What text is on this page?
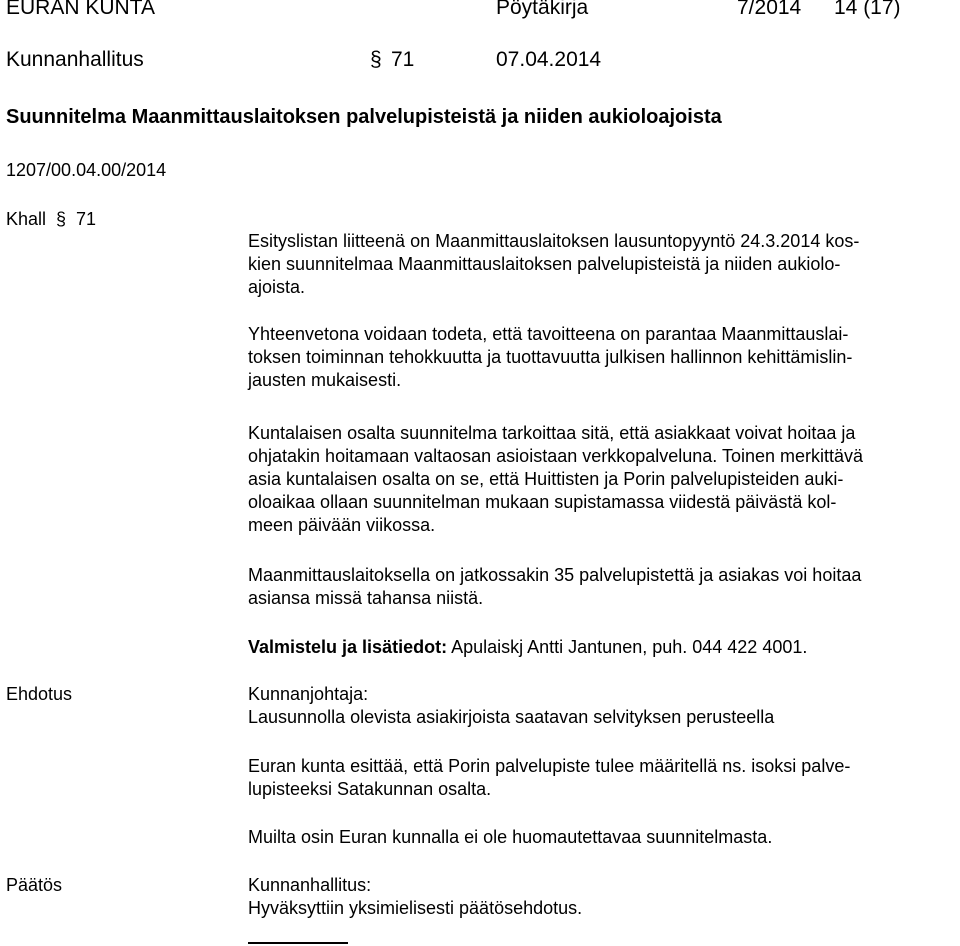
EURAN KUNTA	Pöytäkirja	7/2014 14 (17)
Kunnanhallitus	§ 71	07.04.2014
Suunnitelma Maanmittauslaitoksen palvelupisteistä ja niiden aukioloajoista
1207/00.04.00/2014
Khall § 71
Esityslistan liitteenä on Maanmittauslaitoksen lausuntopyyntö 24.3.2014 kos-
kien suunnitelmaa Maanmittauslaitoksen palvelupisteistä ja niiden aukiolo-
ajoista.
Yhteenvetona voidaan todeta, että tavoitteena on parantaa Maanmittauslai-
toksen toiminnan tehokkuutta ja tuottavuutta julkisen hallinnon kehittämislin-
jausten mukaisesti.
Kuntalaisen osalta suunnitelma tarkoittaa sitä, että asiakkaat voivat hoitaa ja
ohjatakin hoitamaan valtaosan asioistaan verkkopalveluna. Toinen merkittävä
asia kuntalaisen osalta on se, että Huittisten ja Porin palvelupisteiden auki-
oloaikaa ollaan suunnitelman mukaan supistamassa viidestä päivästä kol-
meen päivään viikossa.
Maanmittauslaitoksella on jatkossakin 35 palvelupistettä ja asiakas voi hoitaa
asiansa missä tahansa niistä.
Valmistelu ja lisätiedot: Apulaiskj Antti Jantunen, puh. 044 422 4001.
Ehdotus	Kunnanjohtaja:
Lausunnolla olevista asiakirjoista saatavan selvityksen perusteella
Euran kunta esittää, että Porin palvelupiste tulee määritellä ns. isoksi palve-
lupisteeksi Satakunnan osalta.
Muilta osin Euran kunnalla ei ole huomautettavaa suunnitelmasta.
Päätös	Kunnanhallitus:
Hyväksyttiin yksimielisesti päätösehdotus.
